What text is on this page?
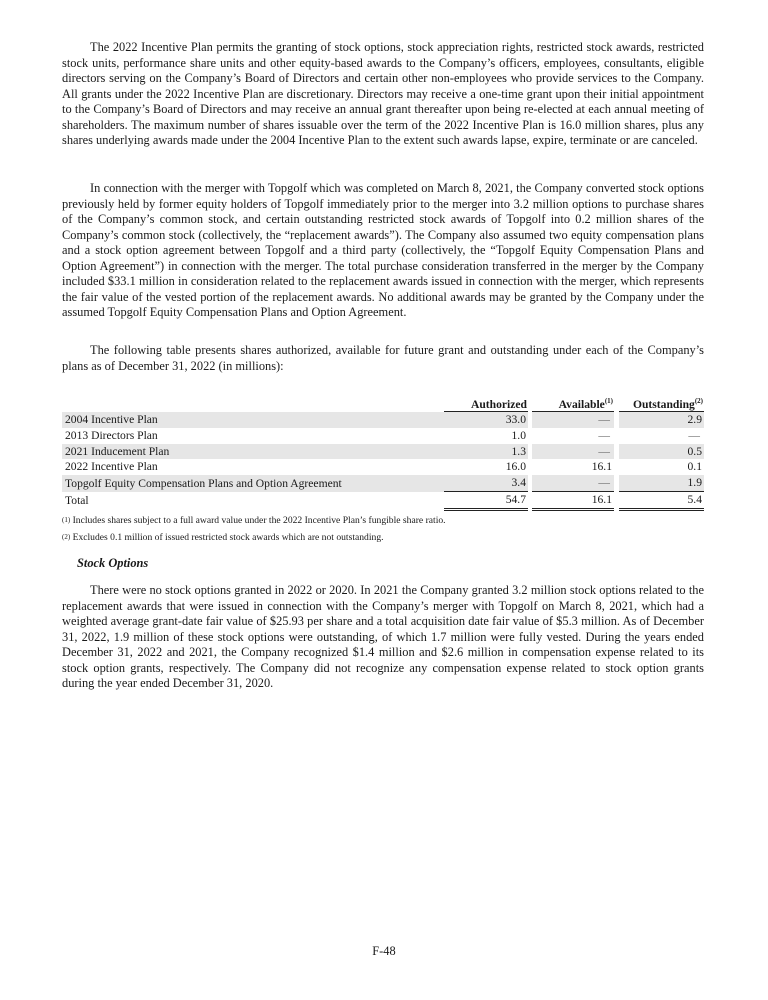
The 2022 Incentive Plan permits the granting of stock options, stock appreciation rights, restricted stock awards, restricted stock units, performance share units and other equity-based awards to the Company’s officers, employees, consultants, eligible directors serving on the Company’s Board of Directors and certain other non-employees who provide services to the Company. All grants under the 2022 Incentive Plan are discretionary. Directors may receive a one-time grant upon their initial appointment to the Company’s Board of Directors and may receive an annual grant thereafter upon being re-elected at each annual meeting of shareholders. The maximum number of shares issuable over the term of the 2022 Incentive Plan is 16.0 million shares, plus any shares underlying awards made under the 2004 Incentive Plan to the extent such awards lapse, expire, terminate or are canceled.

In connection with the merger with Topgolf which was completed on March 8, 2021, the Company converted stock options previously held by former equity holders of Topgolf immediately prior to the merger into 3.2 million options to purchase shares of the Company’s common stock, and certain outstanding restricted stock awards of Topgolf into 0.2 million shares of the Company’s common stock (collectively, the “replacement awards”). The Company also assumed two equity compensation plans and a stock option agreement between Topgolf and a third party (collectively, the “Topgolf Equity Compensation Plans and Option Agreement”) in connection with the merger. The total purchase consideration transferred in the merger by the Company included $33.1 million in consideration related to the replacement awards issued in connection with the merger, which represents the fair value of the vested portion of the replacement awards. No additional awards may be granted by the Company under the assumed Topgolf Equity Compensation Plans and Option Agreement.

The following table presents shares authorized, available for future grant and outstanding under each of the Company’s plans as of December 31, 2022 (in millions):

	Authorized		Available$^{(1)}$		Outstanding$^{(2)}$
2004 Incentive Plan	33.0		—		2.9
2013 Directors Plan	1.0		—		—
2021 Inducement Plan	1.3		—		0.5
2022 Incentive Plan	16.0		16.1		0.1
Topgolf Equity Compensation Plans and Option Agreement	3.4		—		1.9
Total	54.7		16.1		5.4
$^{(1)}$ Includes shares subject to a full award value under the 2022 Incentive Plan’s fungible share ratio.
$^{(2)}$ Excludes 0.1 million of issued restricted stock awards which are not outstanding.
Stock Options

There were no stock options granted in 2022 or 2020. In 2021 the Company granted 3.2 million stock options related to the replacement awards that were issued in connection with the Company’s merger with Topgolf on March 8, 2021, which had a weighted average grant-date fair value of $25.93 per share and a total acquisition date fair value of $5.3 million. As of December 31, 2022, 1.9 million of these stock options were outstanding, of which 1.7 million were fully vested. During the years ended December 31, 2022 and 2021, the Company recognized $1.4 million and $2.6 million in compensation expense related to its stock option grants, respectively. The Company did not recognize any compensation expense related to stock option grants during the year ended December 31, 2020.

F-48
